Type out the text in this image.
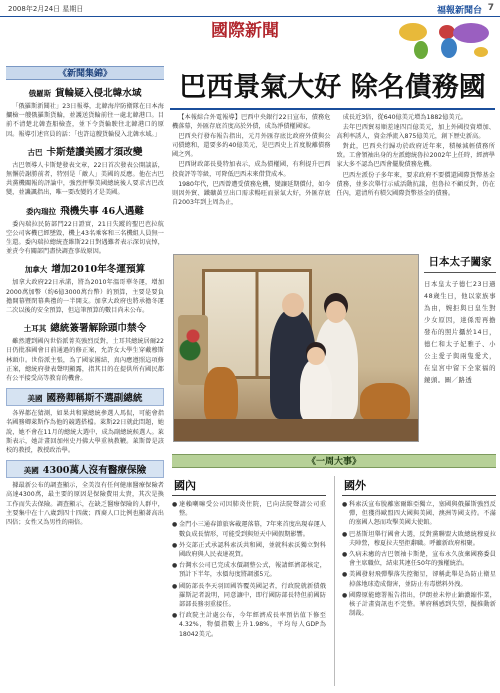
2008年2月24日 星期日	福報新聞台 7
國際新聞
《新聞集錦》
俄羅斯 貨輪疑入侵北韓水域

「俄羅斯新聞社」23日報導，北韓海岸防衛隊在日本海攔檢一艘俄羅斯貨輪，並護送貨輪前往一處北韓港口。目前不清楚北韓查船檢查，並下令貨輪駛往北韓港口的原因。報導引述官員的話：「也許這艘貨輪侵入北韓水域。」

古巴 卡斯楚讚美國才須改變

古巴領導人卡斯楚發表文章，22日首次發表公開談話，無懈於謝勝前者，特別是「敵人」美國的反應。他在古巴共黨機關報的評論中，強烈抨擊美國總統後人要求古巴改變，並譏諷指出，唯一要改變的才是美國。

委內瑞拉 飛機失事 46人遇難

委內瑞拉民防部門22日證實，21日失蹤的聖巴芭拉航空公司客機已經墜毀，機上43名乘客和三名機組人員無一生還。委內瑞拉總統查維斯22日對遇難者表示深切哀悼，並責令有關部門盡快調查事故原因。

加拿大 增加2010年冬運預算

加拿大政府22日承諾，將為2010年溫哥華冬運，增加2000萬加幣（約6億3000萬台幣）的預算，主要是要負擔開幕暨閉幕典禮的一半開支。加拿大政府也將承擔冬運二次以後的安全預算，但這筆預算的數目尚未公布。

土耳其 總統簽署解除頭巾禁令

雖然遭到國內世俗派菁英強烈反對，土耳其總統居爾22日仍批准國會日前通過的修正案，允許女大學生穿戴穆斯林頭巾。世俗派主張，為了國家團結，真內應遵照這項修正案，總統府發表聲明顯露，指其目的在提供所有國民都有公平接受高等教育的機會。

美國 國務卿稱斯不選副總統

各界都在猜測，如果共和黨總統參選人馬侃，可能會指名國務卿萊斯作為他的競選搭檔。萊斯22日就此問題，她說，她不會在11月的總統大選中，成為副總統候選人。萊斯表示，她計畫回加州史丹佛大學重執教鞭。萊斯曾是該校的教授，教授政治學。

美國 4300萬人沒有醫療保險

據最新公布的調查顯示，全美沒有任何健康醫療保險者高達4300萬，最主要的原因是保險費用太貴，其次是換工作而失去保險。調查顯示，在缺乏醫療保險的人群中，主要集中在十八歲到四十四歲；西裔人口比例也顯著高出四倍；女性又為男性的兩倍。

巴西景氣大好 除名債務國

【本報綜合外電報導】巴西中央銀行22日宣布，債務危機落幕，外匯存底首度高於外債，成為淨債權國家。

巴西央行發布報告指出，元月外匯存底比政府外債與公司債總和，還要多約40億美元，是巴西史上首度脫離債務國之列。

巴西財政部長曼特加表示，成為債權國，有利提升巴西投資評等等級，可降低巴西未來借貸成本。

1980年代，巴西曾遭受債務危機，變讓延期償付，如今則因外貿、鐵礦黃豆出口需求暢旺而景氣大好，外匯存底自2003年到上周為止，

成長近3倍，從640億美元增為1882億美元。

去年巴西貿易順差達四百億美元，加上外國投資增加、高利率誘人，資金淨流入875億美元，創下歷史新高。

對此，巴西央行歸功於政府近年來，積極減輕債務所致。工會領袖出身的左派總統魯拉2002年上任時，經濟學家大多不認為巴西會擺脫債務危機。

巴西左派份子多年來，要求政府不要償還國際貨幣基金債務，並多次舉行示威活動抗議，但魯拉不顧反對，仍在任內，還清所有積欠國際貨幣基金的債務。

日本太子闔家
日本皇太子德仁23日過48歲生日，他以家族事為由，婉拒與日皇生對少女原因，達係需再擔發布的照片攝於14日，德仁和太子妃雅子、小公主愛子與兩隻愛犬，在皇宮中留下全家福的鏡頭。圖／路透
《一周大事》
國內
● 達賴喇嘛受公司因肺炎住院，已向法院聲請公司重整。
● 金門小三通春節旅客載運落幕，7年來首度出現春運人數負成長情形，可能受到與短天中國假期影響。
● 外交部正式承認科索沃共和國，並就科索沃獨立對科國政府與人民表達祝賀。
● 台灣水公司已完成水價調整公式，報請經濟部核定，預計下半年，水價每度將調漲5元。
● 國防部長李天羽回國答覆英國記者，行政院就新債俄羅斯記者說明，同意讓中，即行國防部長特但前國防部部長務羽重接任。
● 行政院主計處公布，今年經濟成長率預估值下修至4.32%，物價指數上升1.98%，平均每人GDP為18042美元。
國外
● 科索沃宣布脫離塞爾維亞獨立，塞國與俄羅斯強烈反彈，但獲得歐盟四大國與美國、澳洲等國支持。不滿的塞國人怒而攻擊美國大使館。
● 巴基斯坦舉行國會大選，反對黨聯盟大敗總統穆夏拉夫陣營，穆夏拉夫堅拒辭職。呼籲新政府相聚。
● 久病未癒的古巴領袖卡斯楚，宣布永久放棄國務委員會主席職位，結束其連任50年的強權統治。
● 美國發射飛彈擊落失控衛星，卻稱此舉是為防止衛星掉落地球造成傷害，並防止有毒燃料外洩。
● 國際原能總署報告指出，伊朗並未停止鈾濃縮作業，核子計畫資訊也不完整。華府稱感到失望，擬推動新制裁。
